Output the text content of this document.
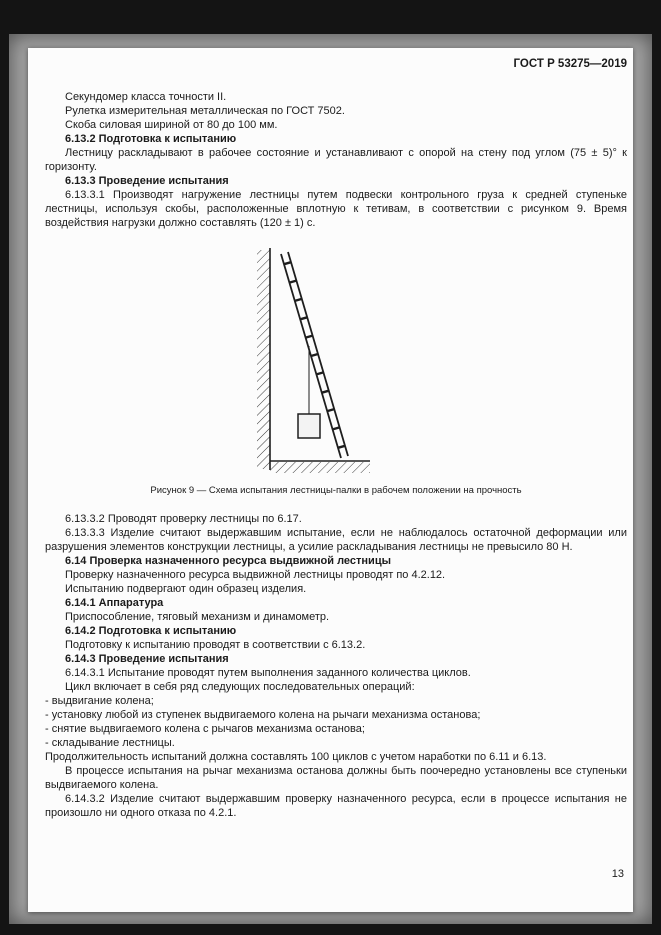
ГОСТ Р 53275—2019

Секундомер класса точности II.

Рулетка измерительная металлическая по ГОСТ 7502.

Скоба силовая шириной от 80 до 100 мм.

6.13.2 Подготовка к испытанию

Лестницу раскладывают в рабочее состояние и устанавливают с опорой на стену под углом (75 ± 5)° к горизонту.

6.13.3 Проведение испытания

6.13.3.1 Производят нагружение лестницы путем подвески контрольного груза к средней ступеньке лестницы, используя скобы, расположенные вплотную к тетивам, в соответствии с рисунком 9. Время воздействия нагрузки должно составлять (120 ± 1) с.

Рисунок 9 — Схема испытания лестницы-палки в рабочем положении на прочность

6.13.3.2 Проводят проверку лестницы по 6.17.

6.13.3.3 Изделие считают выдержавшим испытание, если не наблюдалось остаточной деформации или разрушения элементов конструкции лестницы, а усилие раскладывания лестницы не превысило 80 Н.

6.14 Проверка назначенного ресурса выдвижной лестницы

Проверку назначенного ресурса выдвижной лестницы проводят по 4.2.12.

Испытанию подвергают один образец изделия.

6.14.1 Аппаратура

Приспособление, тяговый механизм и динамометр.

6.14.2 Подготовка к испытанию

Подготовку к испытанию проводят в соответствии с 6.13.2.

6.14.3 Проведение испытания

6.14.3.1 Испытание проводят путем выполнения заданного количества циклов.

Цикл включает в себя ряд следующих последовательных операций:

- выдвигание колена;

- установку любой из ступенек выдвигаемого колена на рычаги механизма останова;

- снятие выдвигаемого колена с рычагов механизма останова;

- складывание лестницы.

Продолжительность испытаний должна составлять 100 циклов с учетом наработки по 6.11 и 6.13.

В процессе испытания на рычаг механизма останова должны быть поочередно установлены все ступеньки выдвигаемого колена.

6.14.3.2 Изделие считают выдержавшим проверку назначенного ресурса, если в процессе испытания не произошло ни одного отказа по 4.2.1.

13
